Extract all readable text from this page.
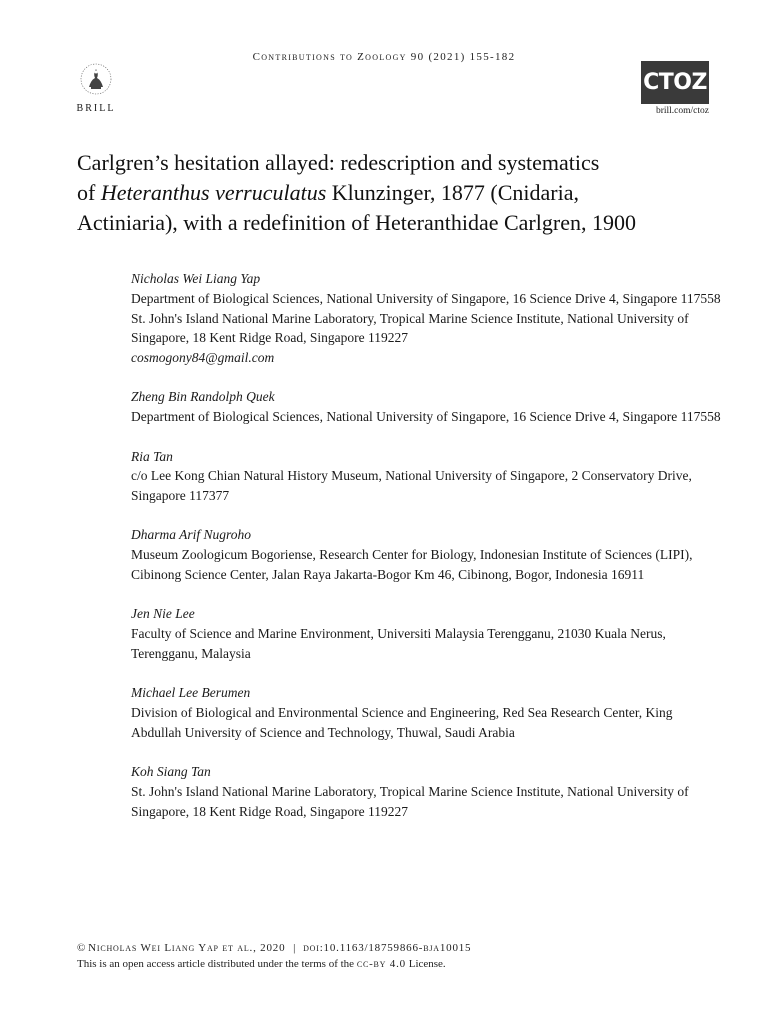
Contributions to Zoology 90 (2021) 155-182
BRILL
CTOZ
brill.com/ctoz
Carlgren’s hesitation allayed: redescription and systematics
of Heteranthus verruculatus Klunzinger, 1877 (Cnidaria,
Actiniaria), with a redefinition of Heteranthidae Carlgren, 1900
Nicholas Wei Liang Yap
Department of Biological Sciences, National University of Singapore, 16 Science Drive 4, Singapore 117558
St. John's Island National Marine Laboratory, Tropical Marine Science Institute, National University of Singapore, 18 Kent Ridge Road, Singapore 119227
cosmogony84@gmail.com
Zheng Bin Randolph Quek
Department of Biological Sciences, National University of Singapore, 16 Science Drive 4, Singapore 117558
Ria Tan
c/o Lee Kong Chian Natural History Museum, National University of Singapore, 2 Conservatory Drive, Singapore 117377
Dharma Arif Nugroho
Museum Zoologicum Bogoriense, Research Center for Biology, Indonesian Institute of Sciences (LIPI), Cibinong Science Center, Jalan Raya Jakarta-Bogor Km 46, Cibinong, Bogor, Indonesia 16911
Jen Nie Lee
Faculty of Science and Marine Environment, Universiti Malaysia Terengganu, 21030 Kuala Nerus, Terengganu, Malaysia
Michael Lee Berumen
Division of Biological and Environmental Science and Engineering, Red Sea Research Center, King Abdullah University of Science and Technology, Thuwal, Saudi Arabia
Koh Siang Tan
St. John's Island National Marine Laboratory, Tropical Marine Science Institute, National University of Singapore, 18 Kent Ridge Road, Singapore 119227
© Nicholas Wei Liang Yap et al., 2020 | doi:10.1163/18759866-bja10015
This is an open access article distributed under the terms of the cc-by 4.0 License.
